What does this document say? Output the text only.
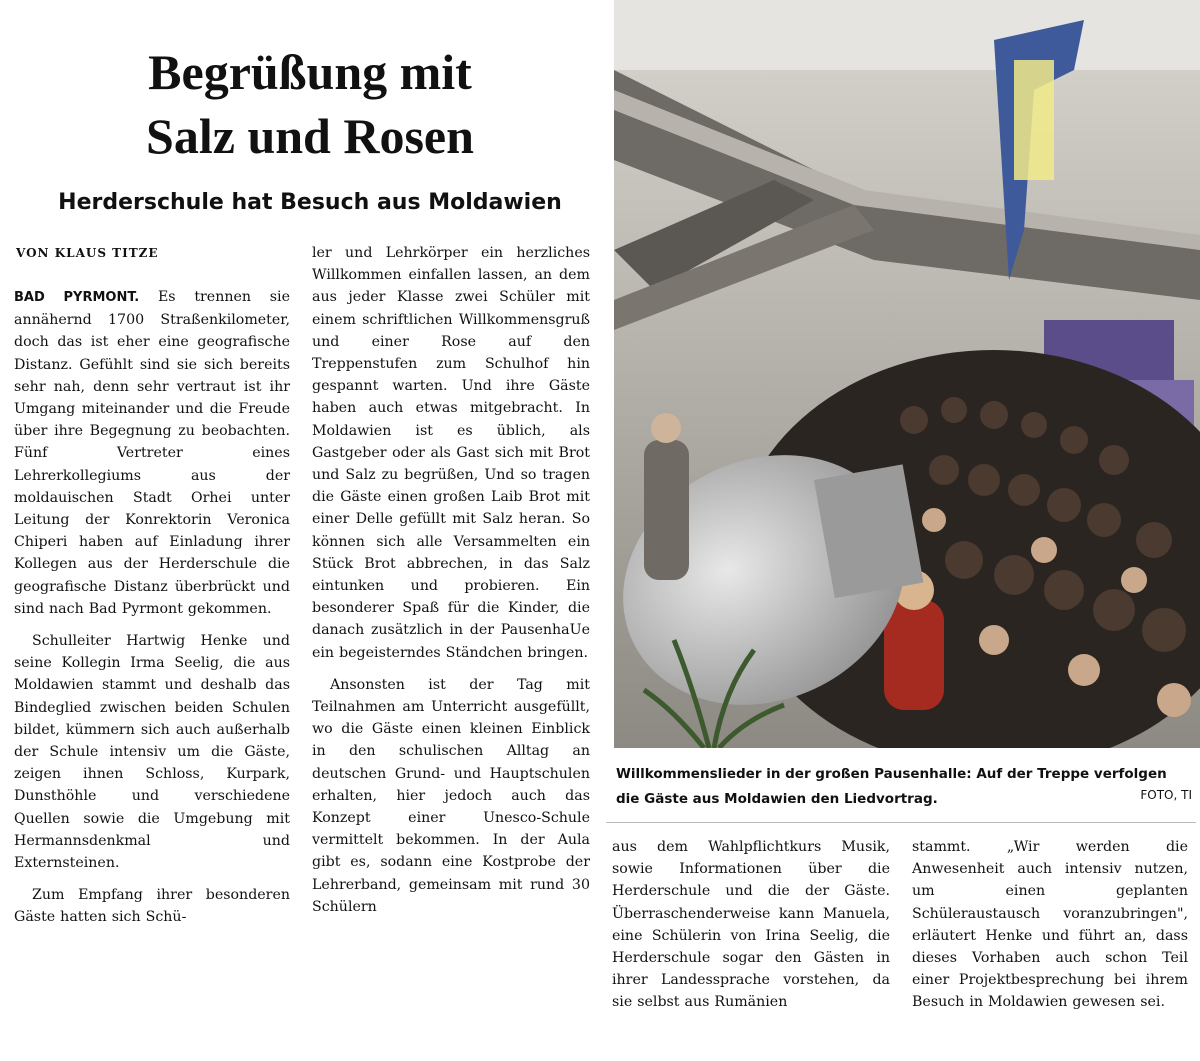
Begrüßung mit
Salz und Rosen
Herderschule hat Besuch aus Moldawien
VON KLAUS TITZE

BAD PYRMONT. Es trennen sie annähernd 1700 Straßenkilometer, doch das ist eher eine geografische Distanz. Gefühlt sind sie sich bereits sehr nah, denn sehr vertraut ist ihr Umgang miteinander und die Freude über ihre Begegnung zu beobachten. Fünf Vertreter eines Lehrerkollegiums aus der moldauischen Stadt Orhei unter Leitung der Konrektorin Veronica Chiperi haben auf Einladung ihrer Kollegen aus der Herderschule die geografische Distanz überbrückt und sind nach Bad Pyrmont gekommen.

Schulleiter Hartwig Henke und seine Kollegin Irma Seelig, die aus Moldawien stammt und deshalb das Bindeglied zwischen beiden Schulen bildet, kümmern sich auch außerhalb der Schule intensiv um die Gäste, zeigen ihnen Schloss, Kurpark, Dunsthöhle und verschiedene Quellen sowie die Umgebung mit Hermannsdenkmal und Externsteinen.

Zum Empfang ihrer besonderen Gäste hatten sich Schü-

ler und Lehrkörper ein herzliches Willkommen einfallen lassen, an dem aus jeder Klasse zwei Schüler mit einem schriftlichen Willkommensgruß und einer Rose auf den Treppenstufen zum Schulhof hin gespannt warten. Und ihre Gäste haben auch etwas mitgebracht. In Moldawien ist es üblich, als Gastgeber oder als Gast sich mit Brot und Salz zu begrüßen, Und so tragen die Gäste einen großen Laib Brot mit einer Delle gefüllt mit Salz heran. So können sich alle Versammelten ein Stück Brot abbrechen, in das Salz eintunken und probieren. Ein besonderer Spaß für die Kinder, die danach zusätzlich in der PausenhaUe ein begeisterndes Ständchen bringen.

Ansonsten ist der Tag mit Teilnahmen am Unterricht ausgefüllt, wo die Gäste einen kleinen Einblick in den schulischen Alltag an deutschen Grund- und Hauptschulen erhalten, hier jedoch auch das Konzept einer Unesco-Schule vermittelt bekommen. In der Aula gibt es, sodann eine Kostprobe der Lehrerband, gemeinsam mit rund 30 Schülern

Willkommenslieder in der großen Pausenhalle: Auf der Treppe verfolgen die Gäste aus Moldawien den Liedvortrag.	FOTO, TI

aus dem Wahlpflichtkurs Musik, sowie Informationen über die Herderschule und die der Gäste. Überraschenderweise kann Manuela, eine Schülerin von Irina Seelig, die Herderschule sogar den Gästen in ihrer Landessprache vorstehen, da sie selbst aus Rumänien

stammt. „Wir werden die Anwesenheit auch intensiv nutzen, um einen geplanten Schüleraustausch voranzubringen", erläutert Henke und führt an, dass dieses Vorhaben auch schon Teil einer Projektbesprechung bei ihrem Besuch in Moldawien gewesen sei.
